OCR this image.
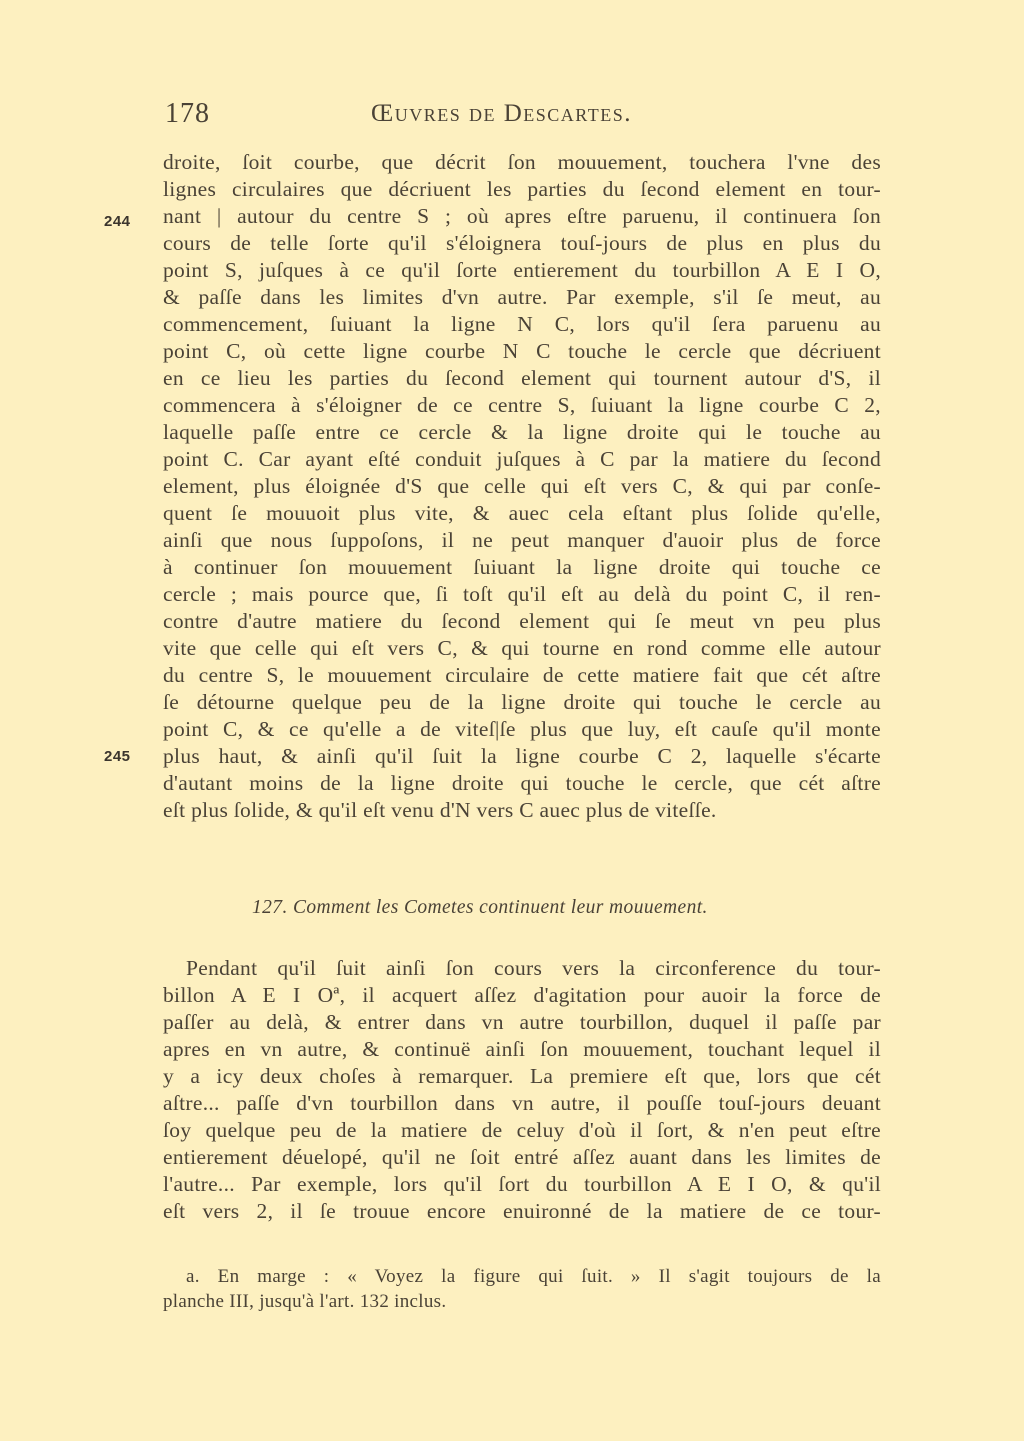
178	Œuvres de Descartes.
244
245
droite, ſoit courbe, que décrit ſon mouuement, touchera l'vne des
lignes circulaires que décriuent les parties du ſecond element en tour-
nant | autour du centre S ; où apres eſtre paruenu, il continuera ſon
cours de telle ſorte qu'il s'éloignera touſ-jours de plus en plus du
point S, juſques à ce qu'il ſorte entierement du tourbillon A E I O,
& paſſe dans les limites d'vn autre. Par exemple, s'il ſe meut, au
commencement, ſuiuant la ligne N C, lors qu'il ſera paruenu au
point C, où cette ligne courbe N C touche le cercle que décriuent
en ce lieu les parties du ſecond element qui tournent autour d'S, il
commencera à s'éloigner de ce centre S, ſuiuant la ligne courbe C 2,
laquelle paſſe entre ce cercle & la ligne droite qui le touche au
point C. Car ayant eſté conduit juſques à C par la matiere du ſecond
element, plus éloignée d'S que celle qui eſt vers C, & qui par conſe-
quent ſe mouuoit plus vite, & auec cela eſtant plus ſolide qu'elle,
ainſi que nous ſuppoſons, il ne peut manquer d'auoir plus de force
à continuer ſon mouuement ſuiuant la ligne droite qui touche ce
cercle ; mais pource que, ſi toſt qu'il eſt au delà du point C, il ren-
contre d'autre matiere du ſecond element qui ſe meut vn peu plus
vite que celle qui eſt vers C, & qui tourne en rond comme elle autour
du centre S, le mouuement circulaire de cette matiere fait que cét aſtre
ſe détourne quelque peu de la ligne droite qui touche le cercle au
point C, & ce qu'elle a de viteſ|ſe plus que luy, eſt cauſe qu'il monte
plus haut, & ainſi qu'il ſuit la ligne courbe C 2, laquelle s'écarte
d'autant moins de la ligne droite qui touche le cercle, que cét aſtre
eſt plus ſolide, & qu'il eſt venu d'N vers C auec plus de viteſſe.
127. Comment les Cometes continuent leur mouuement.
Pendant qu'il ſuit ainſi ſon cours vers la circonference du tour-
billon A E I Oª, il acquert aſſez d'agitation pour auoir la force de
paſſer au delà, & entrer dans vn autre tourbillon, duquel il paſſe par
apres en vn autre, & continuë ainſi ſon mouuement, touchant lequel il
y a icy deux choſes à remarquer. La premiere eſt que, lors que cét
aſtre... paſſe d'vn tourbillon dans vn autre, il pouſſe touſ-jours deuant
ſoy quelque peu de la matiere de celuy d'où il ſort, & n'en peut eſtre
entierement déuelopé, qu'il ne ſoit entré aſſez auant dans les limites de
l'autre... Par exemple, lors qu'il ſort du tourbillon A E I O, & qu'il
eſt vers 2, il ſe trouue encore enuironné de la matiere de ce tour-
a. En marge : « Voyez la figure qui ſuit. » Il s'agit toujours de la
planche III, jusqu'à l'art. 132 inclus.
